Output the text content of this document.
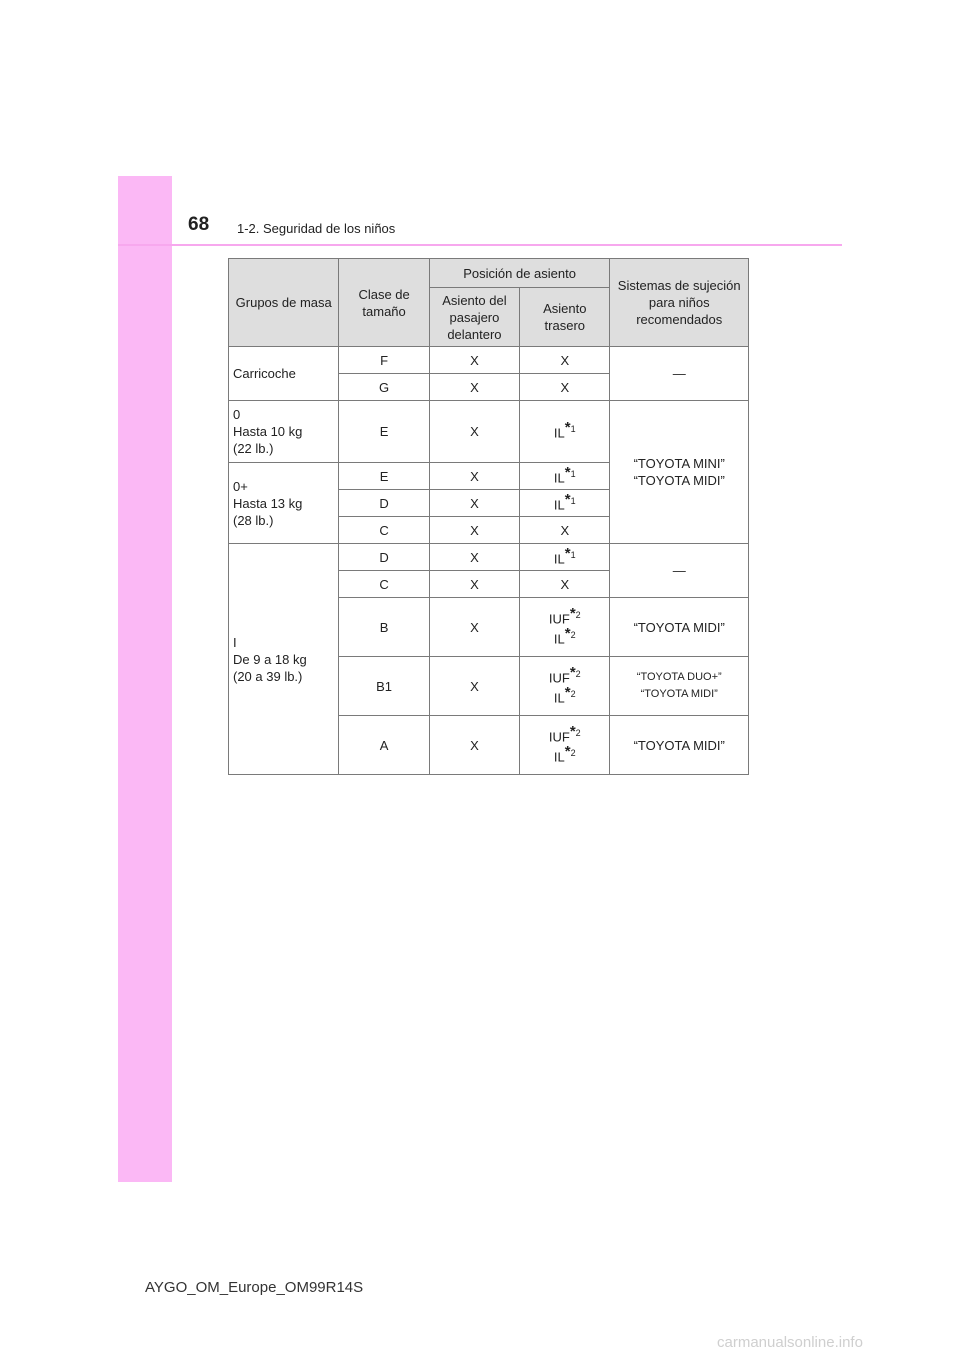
68 1-2. Seguridad de los niños
Grupos de masa	Clase de tamaño	Posición de asiento		Sistemas de sujeción para niños recomendados
		Asiento del pasajero delantero	Asiento trasero	
Carricoche	F	X	X	—
	G	X	X	

0
Hasta 10 kg
(22 lb.)	E	X	IL*$^1$	“TOYOTA MINI”
“TOYOTA MIDI”

0+
Hasta 13 kg
(28 lb.)	E	X	IL*$^1$
	D	X	IL*$^1$
	C	X	X	

I
De 9 a 18 kg
(20 a 39 lb.)	D	X	IL*$^1$	—
	C	X	X	
	B	X	IUF*$^2$
IL*$^2$	“TOYOTA MIDI”
	B1	X	IUF*$^2$
IL*$^2$	“TOYOTA DUO+”
“TOYOTA MIDI”

	A	X	IUF*$^2$
IL*$^2$	“TOYOTA MIDI”
AYGO_OM_Europe_OM99R14S
carmanualsonline.info
